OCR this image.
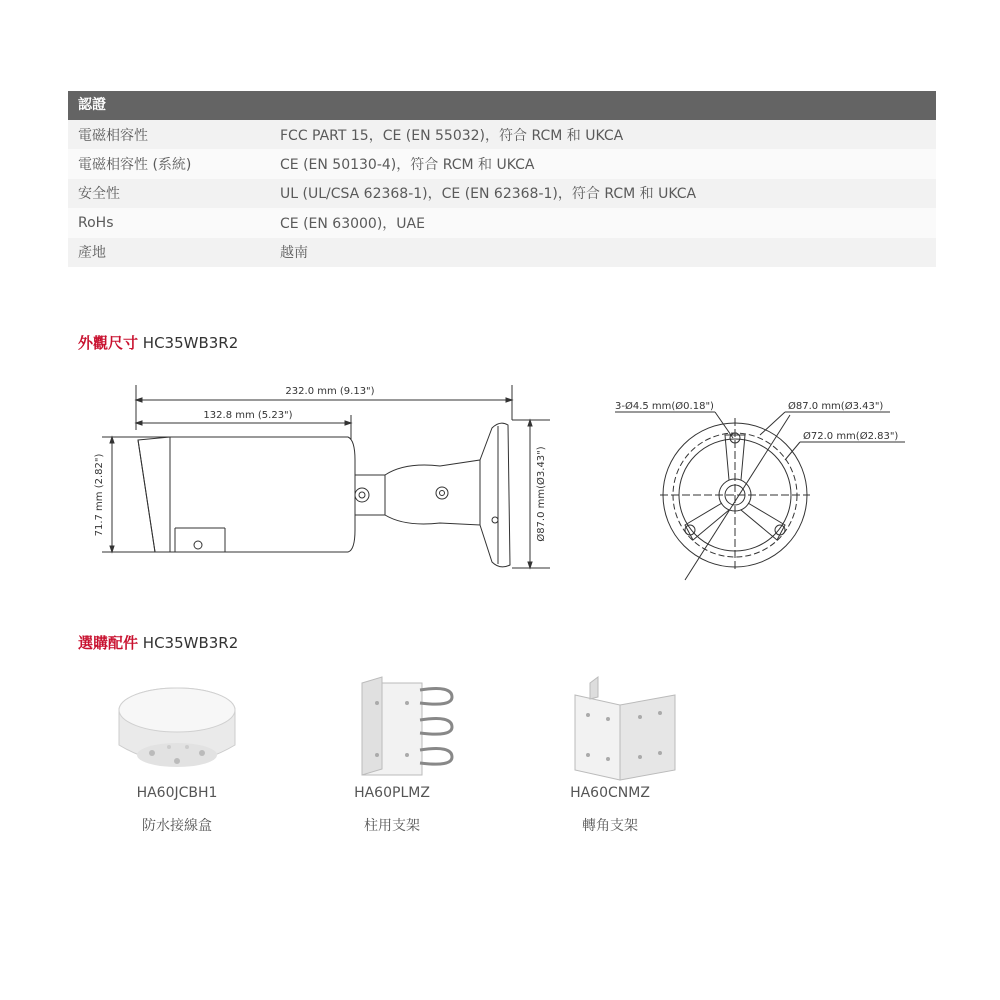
認證
電磁相容性	FCC PART 15，CE (EN 55032)，符合 RCM 和 UKCA
電磁相容性 (系統)	CE (EN 50130-4)，符合 RCM 和 UKCA
安全性	UL (UL/CSA 62368-1)，CE (EN 62368-1)，符合 RCM 和 UKCA
RoHs	CE (EN 63000)，UAE
產地	越南
外觀尺寸 HC35WB3R2
232.0 mm (9.13")
132.8 mm (5.23")
71.7 mm (2.82")	Ø87.0 mm(Ø3.43")
3-Ø4.5 mm(Ø0.18")	Ø87.0 mm(Ø3.43")
Ø72.0 mm(Ø2.83")
選購配件 HC35WB3R2
HA60JCBH1
防水接線盒
HA60PLMZ
柱用支架
HA60CNMZ
轉角支架
